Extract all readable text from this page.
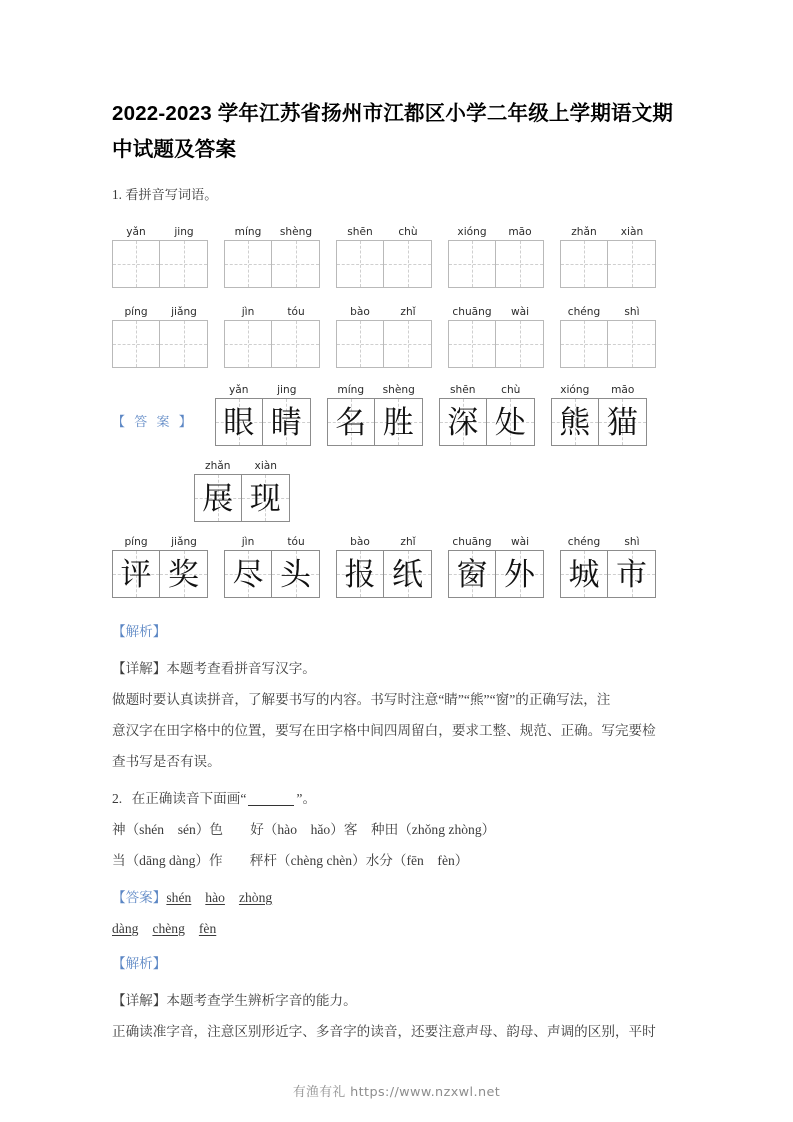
2022-2023 学年江苏省扬州市江都区小学二年级上学期语文期中试题及答案
1. 看拼音写词语。
yǎn	jing	míng	shèng	shēn	chù	xióng	māo	zhǎn	xiàn
píng	jiǎng	jìn	tóu	bào	zhǐ	chuāng	wài	chéng	shì
【 答 案 】
yǎn	jing
眼 睛
míng	shèng
名 胜
shēn	chù
深 处
xióng	māo
熊 猫
zhǎn	xiàn
展 现
píng	jiǎng
评 奖
jìn	tóu
尽 头
bào	zhǐ
报 纸
chuāng	wài
窗 外
chéng	shì
城 市

【解析】

【详解】本题考查看拼音写汉字。

做题时要认真读拼音，了解要书写的内容。书写时注意“睛”“熊”“窗”的正确写法，注

意汉字在田字格中的位置，要写在田字格中间四周留白，要求工整、规范、正确。写完要检

查书写是否有误。

2. 在正确读音下面画“	”。

神（shén　sén）色　　好（hào　hǎo）客　种田（zhǒng zhòng）

当（dāng dàng）作　　秤杆（chèng chèn）水分（fēn　fèn）

【答案】shén hào zhòng

dàng chèng fèn

【解析】

【详解】本题考查学生辨析字音的能力。

正确读准字音，注意区别形近字、多音字的读音，还要注意声母、韵母、声调的区别，平时

有渔有礼 https://www.nzxwl.net
